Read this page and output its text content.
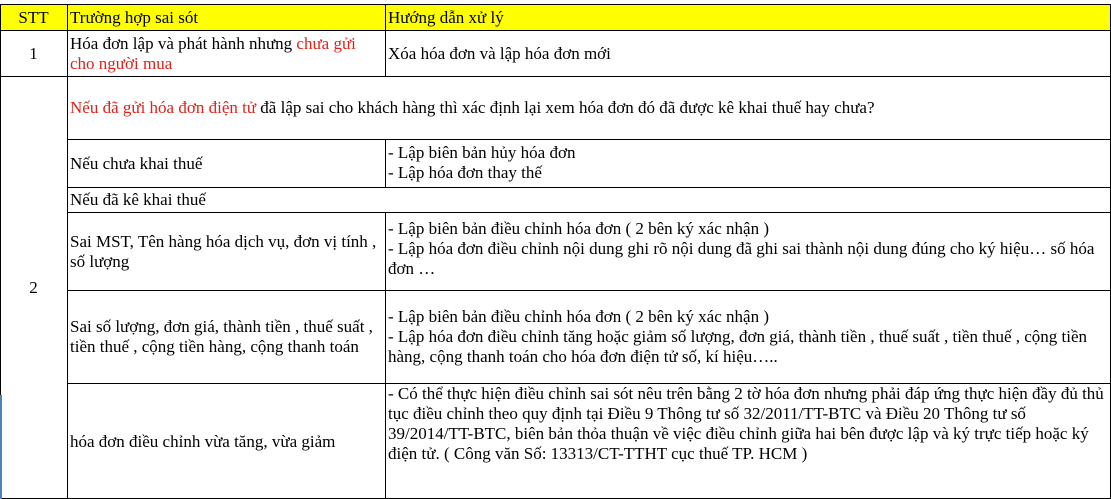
STT Trường hợp sai sót	Hướng dẫn xử lý
1 Hóa đơn lập và phát hành nhưng chưa gửi cho người mua
Xóa hóa đơn và lập hóa đơn mới
2
Nếu đã gửi hóa đơn điện tử đã lập sai cho khách hàng thì xác định lại xem hóa đơn đó đã được kê khai thuế hay chưa?
Nếu chưa khai thuế
- Lập biên bản hủy hóa đơn
- Lập hóa đơn thay thế
Nếu đã kê khai thuế
Sai MST, Tên hàng hóa dịch vụ, đơn vị tính , số lượng
- Lập biên bản điều chỉnh hóa đơn ( 2 bên ký xác nhận )
- Lập hóa đơn điều chỉnh nội dung ghi rõ nội dung đã ghi sai thành nội dung đúng cho ký hiệu… số hóa đơn …
Sai số lượng, đơn giá, thành tiền , thuế suất , tiền thuế , cộng tiền hàng, cộng thanh toán
- Lập biên bản điều chỉnh hóa đơn ( 2 bên ký xác nhận )
- Lập hóa đơn điều chỉnh tăng hoặc giảm số lượng, đơn giá, thành tiền , thuế suất , tiền thuế , cộng tiền hàng, cộng thanh toán cho hóa đơn điện tử số, kí hiệu…..
hóa đơn điều chỉnh vừa tăng, vừa giảm
- Có thể thực hiện điều chỉnh sai sót nêu trên bằng 2 tờ hóa đơn nhưng phải đáp ứng thực hiện đầy đủ thủ tục điều chỉnh theo quy định tại Điều 9 Thông tư số 32/2011/TT-BTC và Điều 20 Thông tư số 39/2014/TT-BTC, biên bản thỏa thuận về việc điều chỉnh giữa hai bên được lập và ký trực tiếp hoặc ký điện tử. ( Công văn Số: 13313/CT-TTHT cục thuế TP. HCM )
